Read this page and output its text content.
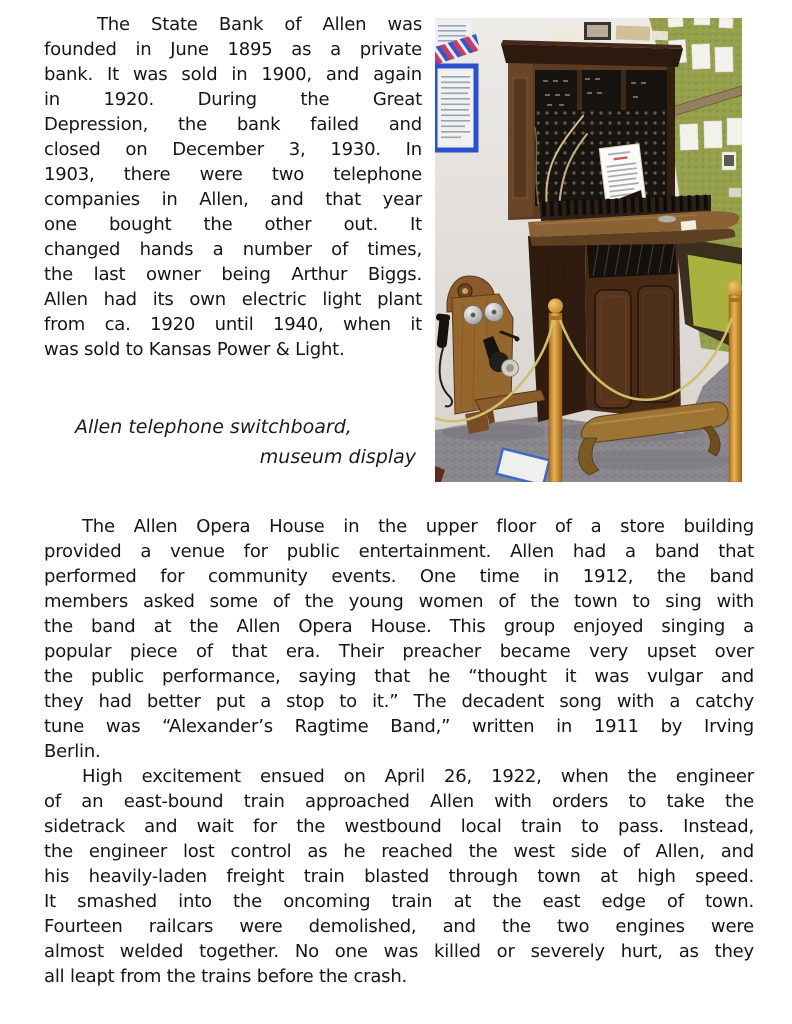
The State Bank of Allen was
founded in June 1895 as a private
bank. It was sold in 1900, and again
in 1920. During the Great
Depression, the bank failed and
closed on December 3, 1930. In
1903, there were two telephone
companies in Allen, and that year
one bought the other out. It
changed hands a number of times,
the last owner being Arthur Biggs.
Allen had its own electric light plant
from ca. 1920 until 1940, when it
was sold to Kansas Power & Light.
Allen telephone switchboard,
museum display
The Allen Opera House in the upper floor of a store building
provided a venue for public entertainment. Allen had a band that
performed for community events. One time in 1912, the band
members asked some of the young women of the town to sing with
the band at the Allen Opera House. This group enjoyed singing a
popular piece of that era. Their preacher became very upset over
the public performance, saying that he “thought it was vulgar and
they had better put a stop to it.” The decadent song with a catchy
tune was “Alexander’s Ragtime Band,” written in 1911 by Irving
Berlin.
High excitement ensued on April 26, 1922, when the engineer
of an east-bound train approached Allen with orders to take the
sidetrack and wait for the westbound local train to pass. Instead,
the engineer lost control as he reached the west side of Allen, and
his heavily-laden freight train blasted through town at high speed.
It smashed into the oncoming train at the east edge of town.
Fourteen railcars were demolished, and the two engines were
almost welded together. No one was killed or severely hurt, as they
all leapt from the trains before the crash.
